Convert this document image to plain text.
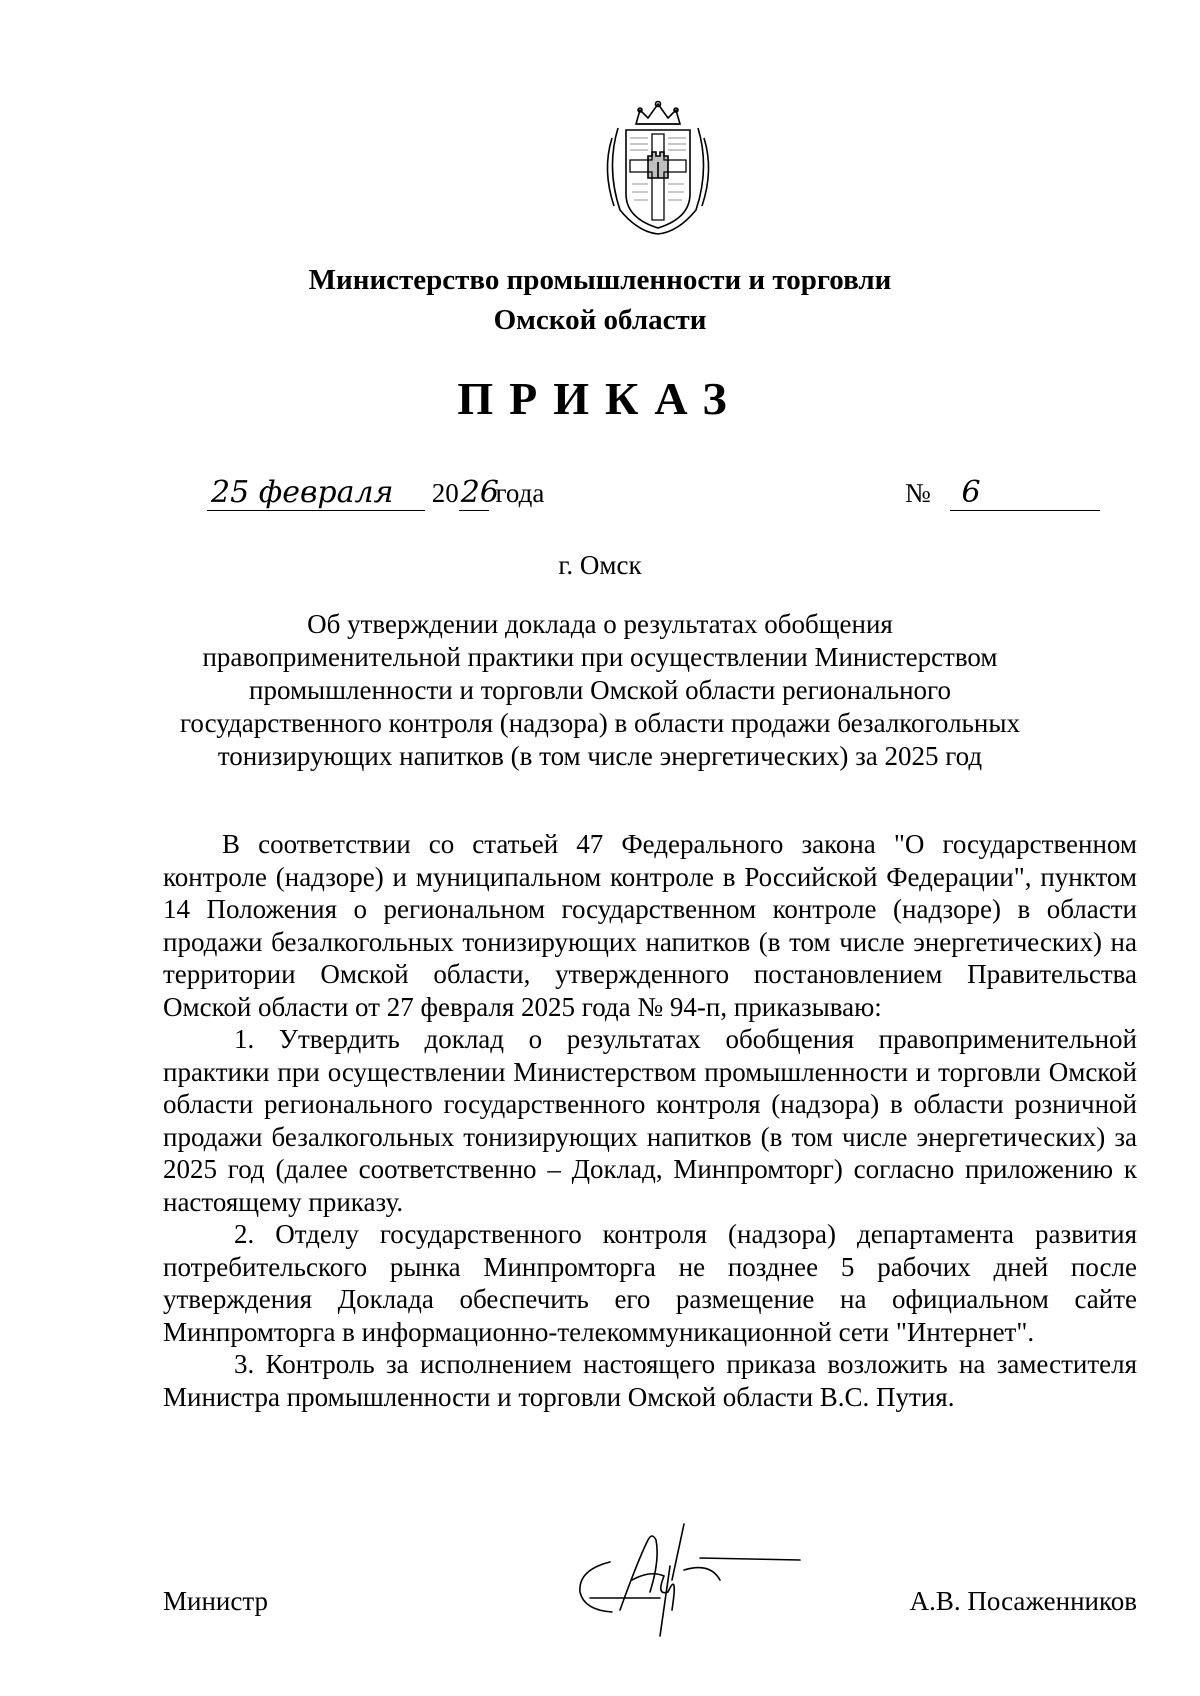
Министерство промышленности и торговли
Омской области
ПРИКАЗ
25 февраля 2026 года	№ 6
г. Омск
Об утверждении доклада о результатах обобщения правоприменительной практики при осуществлении Министерством промышленности и торговли Омской области регионального государственного контроля (надзора) в области продажи безалкогольных тонизирующих напитков (в том числе энергетических) за 2025 год

В соответствии со статьей 47 Федерального закона "О государственном контроле (надзоре) и муниципальном контроле в Российской Федерации", пунктом 14 Положения о региональном государственном контроле (надзоре) в области продажи безалкогольных тонизирующих напитков (в том числе энергетических) на территории Омской области, утвержденного постановлением Правительства Омской области от 27 февраля 2025 года № 94-п, приказываю:

1. Утвердить доклад о результатах обобщения правоприменительной практики при осуществлении Министерством промышленности и торговли Омской области регионального государственного контроля (надзора) в области розничной продажи безалкогольных тонизирующих напитков (в том числе энергетических) за 2025 год (далее соответственно – Доклад, Минпромторг) согласно приложению к настоящему приказу.

2. Отделу государственного контроля (надзора) департамента развития потребительского рынка Минпромторга не позднее 5 рабочих дней после утверждения Доклада обеспечить его размещение на официальном сайте Минпромторга в информационно-телекоммуникационной сети "Интернет".

3. Контроль за исполнением настоящего приказа возложить на заместителя Министра промышленности и торговли Омской области В.С. Путия.

Министр	А.В. Посаженников
